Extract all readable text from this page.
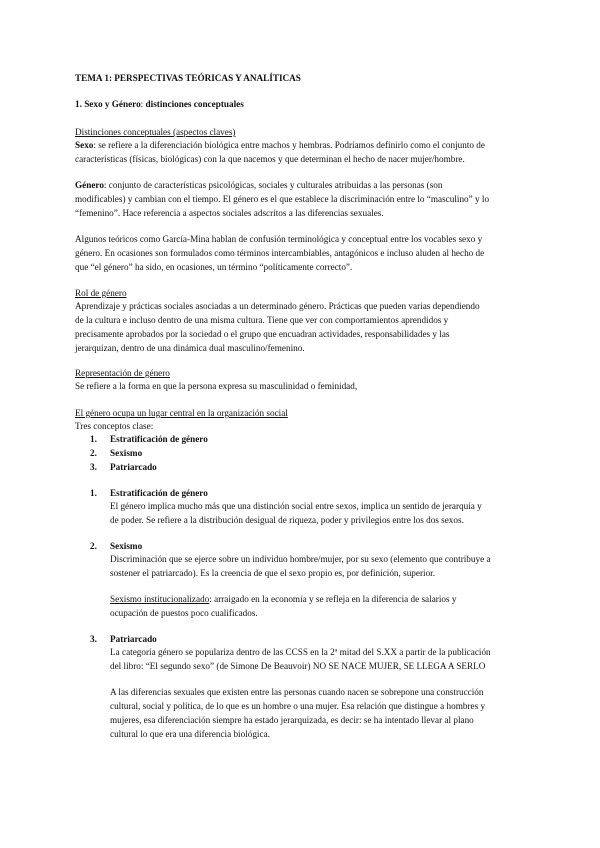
TEMA 1: PERSPECTIVAS TEÓRICAS Y ANALÍTICAS
1. Sexo y Género: distinciones conceptuales
Distinciones conceptuales (aspectos claves)
Sexo: se refiere a la diferenciación biológica entre machos y hembras. Podríamos definirlo como el conjunto de
características (físicas, biológicas) con la que nacemos y que determinan el hecho de nacer mujer/hombre.
Género: conjunto de características psicológicas, sociales y culturales atribuidas a las personas (son
modificables) y cambian con el tiempo. El género es el que establece la discriminación entre lo “masculino” y lo
“femenino”. Hace referencia a aspectos sociales adscritos a las diferencias sexuales.
Algunos teóricos como García-Mina hablan de confusión terminológica y conceptual entre los vocables sexo y
género. En ocasiones son formulados como términos intercambiables, antagónicos e incluso aluden al hecho de
que “el género” ha sido, en ocasiones, un término “políticamente correcto”.
Rol de género
Aprendizaje y prácticas sociales asociadas a un determinado género. Prácticas que pueden varias dependiendo
de la cultura e incluso dentro de una misma cultura. Tiene que ver con comportamientos aprendidos y
precisamente aprobados por la sociedad o el grupo que encuadran actividades, responsabilidades y las
jerarquizan, dentro de una dinámica dual masculino/femenino.
Representación de género
Se refiere a la forma en que la persona expresa su masculinidad o feminidad,
El género ocupa un lugar central en la organización social
Tres conceptos clase:
1. Estratificación de género
2. Sexismo
3. Patriarcado
1. Estratificación de género
El género implica mucho más que una distinción social entre sexos, implica un sentido de jerarquía y
de poder. Se refiere a la distribución desigual de riqueza, poder y privilegios entre los dos sexos.
2. Sexismo
Discriminación que se ejerce sobre un individuo hombre/mujer, por su sexo (elemento que contribuye a
sostener el patriarcado). Es la creencia de que el sexo propio es, por definición, superior.
Sexismo institucionalizado: arraigado en la economía y se refleja en la diferencia de salarios y
ocupación de puestos poco cualificados.
3. Patriarcado
La categoría género se populariza dentro de las CCSS en la 2ª mitad del S.XX a partir de la publicación
del libro: “El segundo sexo” (de Simone De Beauvoir) NO SE NACE MUJER, SE LLEGA A SERLO
A las diferencias sexuales que existen entre las personas cuando nacen se sobrepone una construcción
cultural, social y política, de lo que es un hombre o una mujer. Esa relación que distingue a hombres y
mujeres, esa diferenciación siempre ha estado jerarquizada, es decir: se ha intentado llevar al plano
cultural lo que era una diferencia biológica.
